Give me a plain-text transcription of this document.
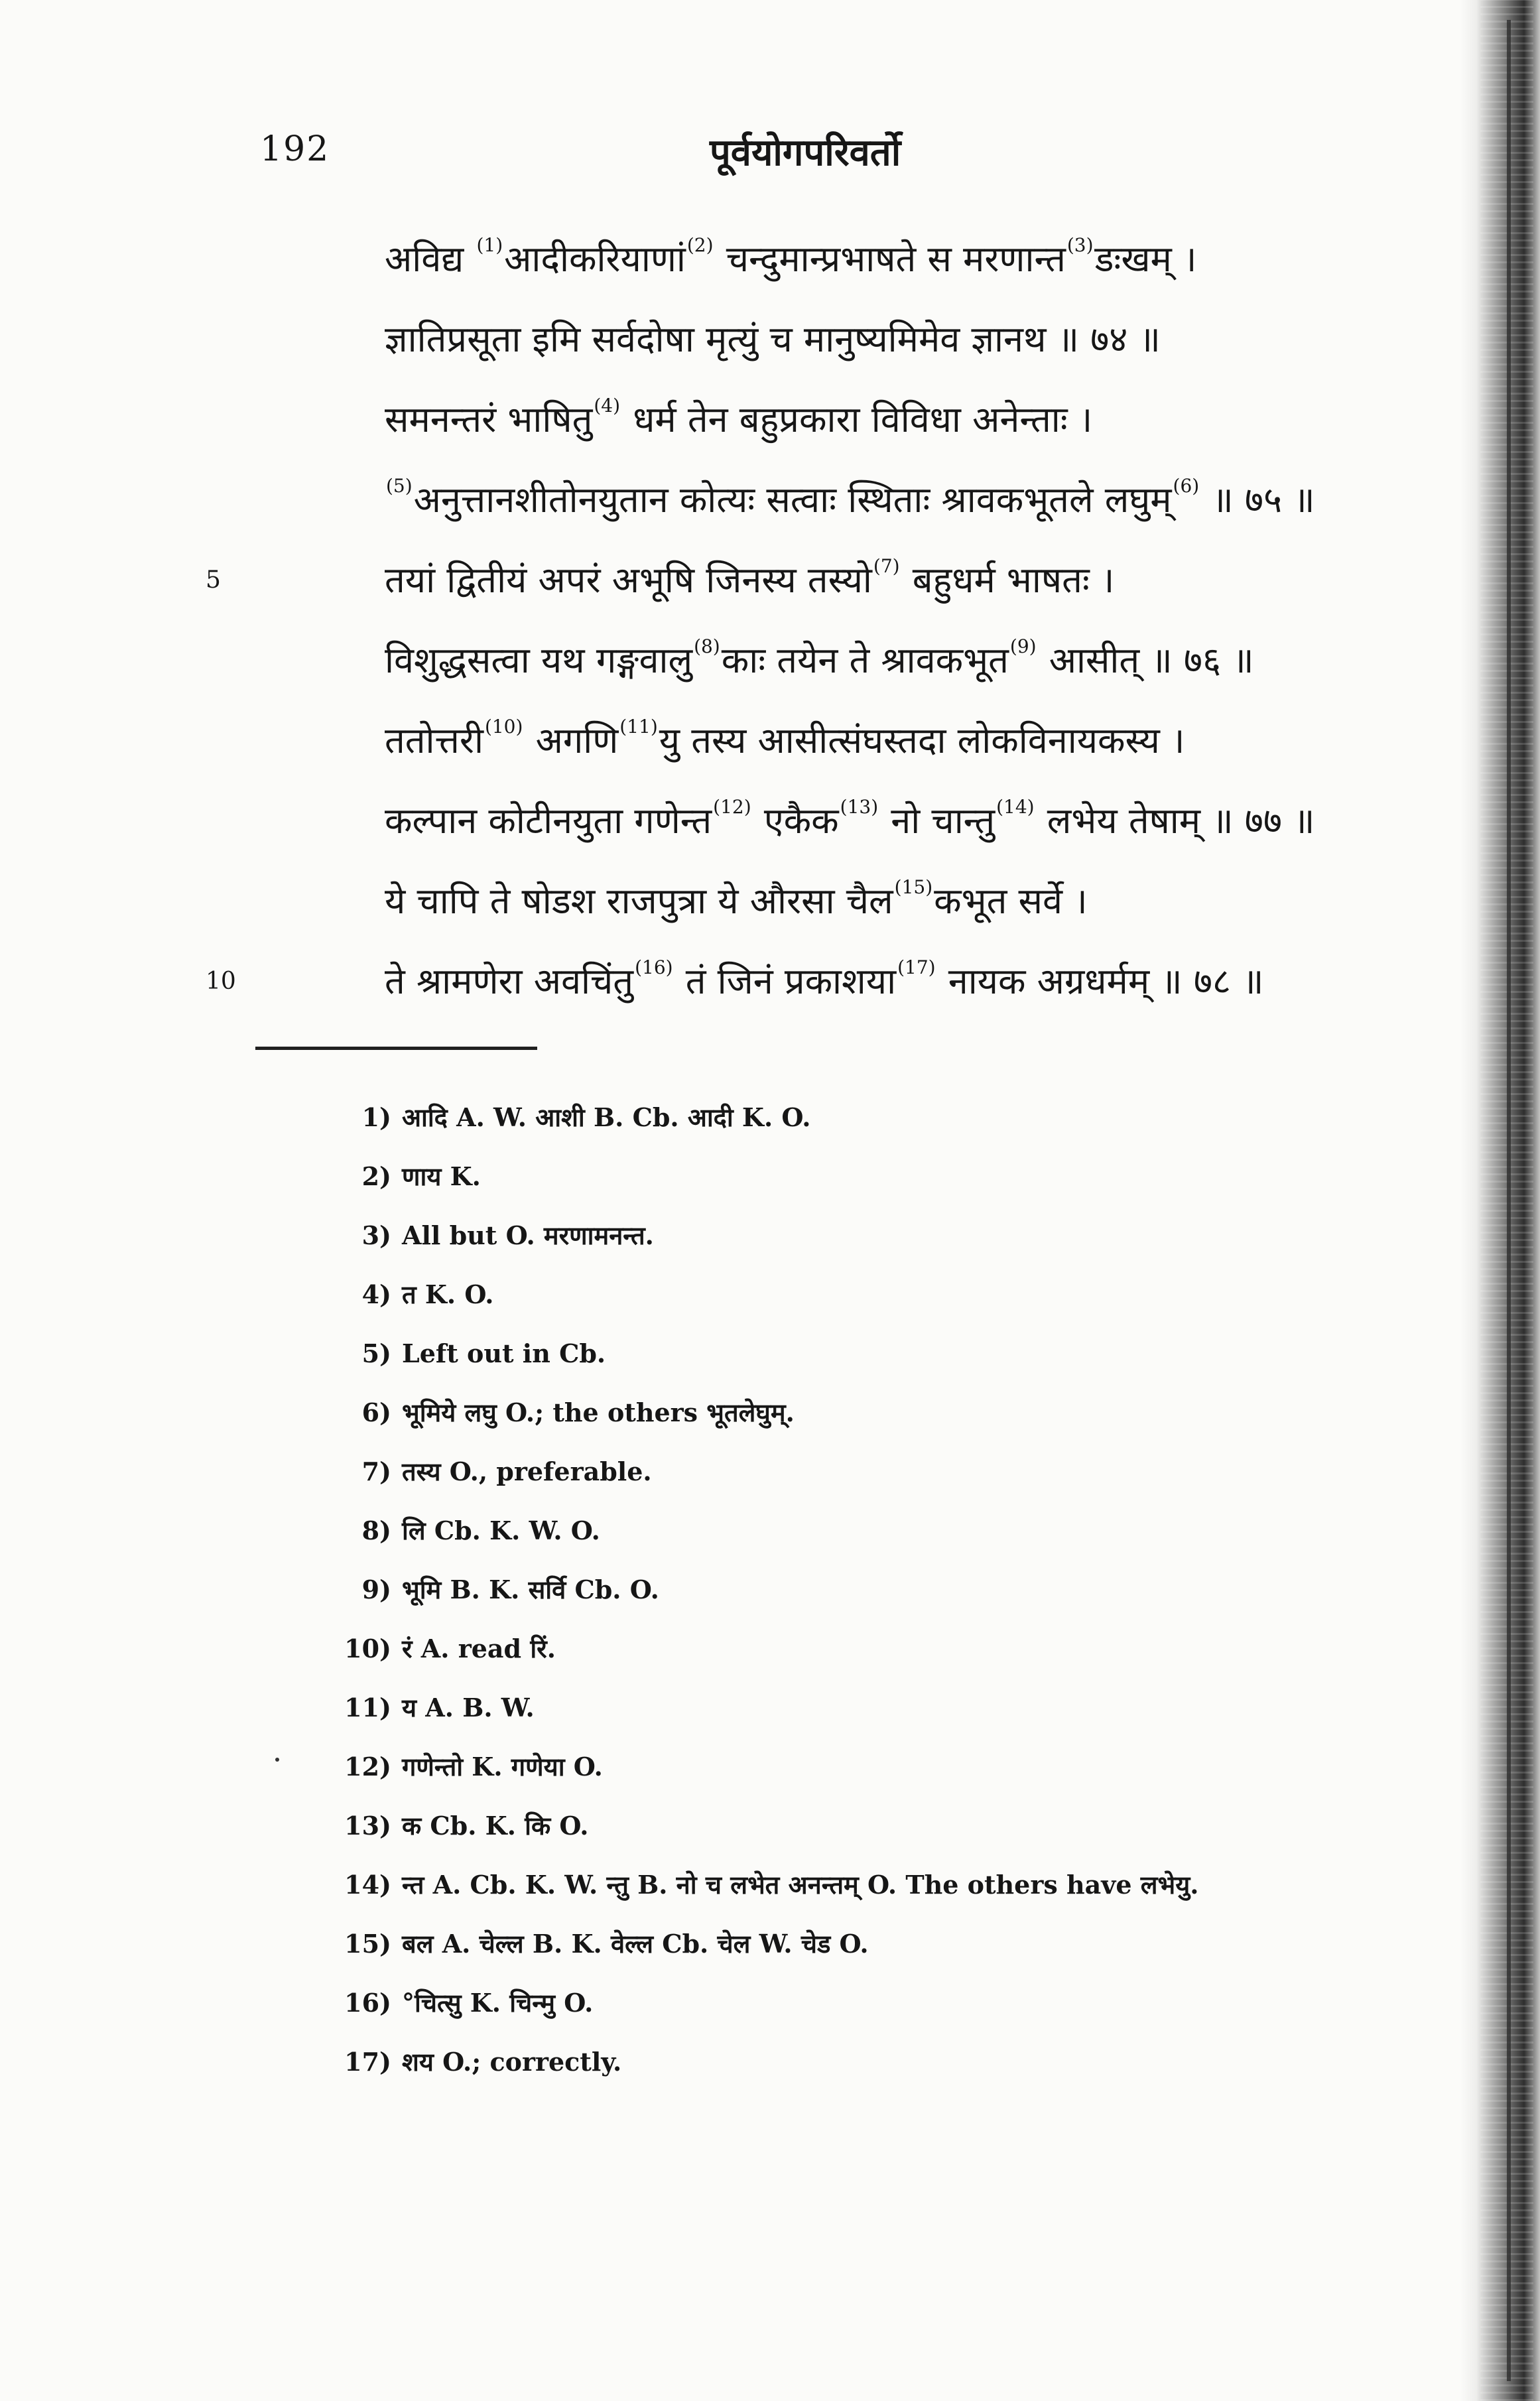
192	पूर्वयोगपरिवर्तो
अविद्य $^{(1)}$आदीकरियाणां$^{(2)}$ चन्दुमान्प्रभाषते स मरणान्त$^{(3)}$डःखम् ।
ज्ञातिप्रसूता इमि सर्वदोषा मृत्युं च मानुष्यमिमेव ज्ञानथ ॥ ७४ ॥
समनन्तरं भाषितु$^{(4)}$ धर्म तेन बहुप्रकारा विविधा अनेन्ताः ।
$^{(5)}$अनुत्तानशीतोनयुतान कोत्यः सत्वाः स्थिताः श्रावकभूतले लघुम्$^{(6)}$ ॥ ७५ ॥
5	तयां द्वितीयं अपरं अभूषि जिनस्य तस्यो$^{(7)}$ बहुधर्म भाषतः ।
विशुद्धसत्वा यथ गङ्गवालु$^{(8)}$काः तयेन ते श्रावकभूत$^{(9)}$ आसीत् ॥ ७६ ॥
ततोत्तरी$^{(10)}$ अगणि$^{(11)}$यु तस्य आसीत्संघस्तदा लोकविनायकस्य ।
कल्पान कोटीनयुता गणेन्त$^{(12)}$ एकैक$^{(13)}$ नो चान्तु$^{(14)}$ लभेय तेषाम् ॥ ७७ ॥
ये चापि ते षोडश राजपुत्रा ये औरसा चैल$^{(15)}$कभूत सर्वे ।
10	ते श्रामणेरा अवचिंतु$^{(16)}$ तं जिनं प्रकाशया$^{(17)}$ नायक अग्रधर्मम् ॥ ७८ ॥
1) आदि A. W. आशी B. Cb. आदी K. O.
2) णाय K.
3) All but O. मरणामनन्त.
4) त K. O.
5) Left out in Cb.
6) भूमिये लघु O.; the others भूतलेघुम्.
7) तस्य O., preferable.
8) लि Cb. K. W. O.
9) भूमि B. K. सर्वि Cb. O.
10) रं A. read रिं.
11) य A. B. W.
12) गणेन्तो K. गणेया O.
13) क Cb. K. कि O.
14) न्त A. Cb. K. W. न्तु B. नो च लभेत अनन्तम् O. The others have लभेयु.
15) बल A. चेल्ल B. K. वेल्ल Cb. चेल W. चेड O.
16) °चित्सु K. चिन्मु O.
17) शय O.; correctly.
